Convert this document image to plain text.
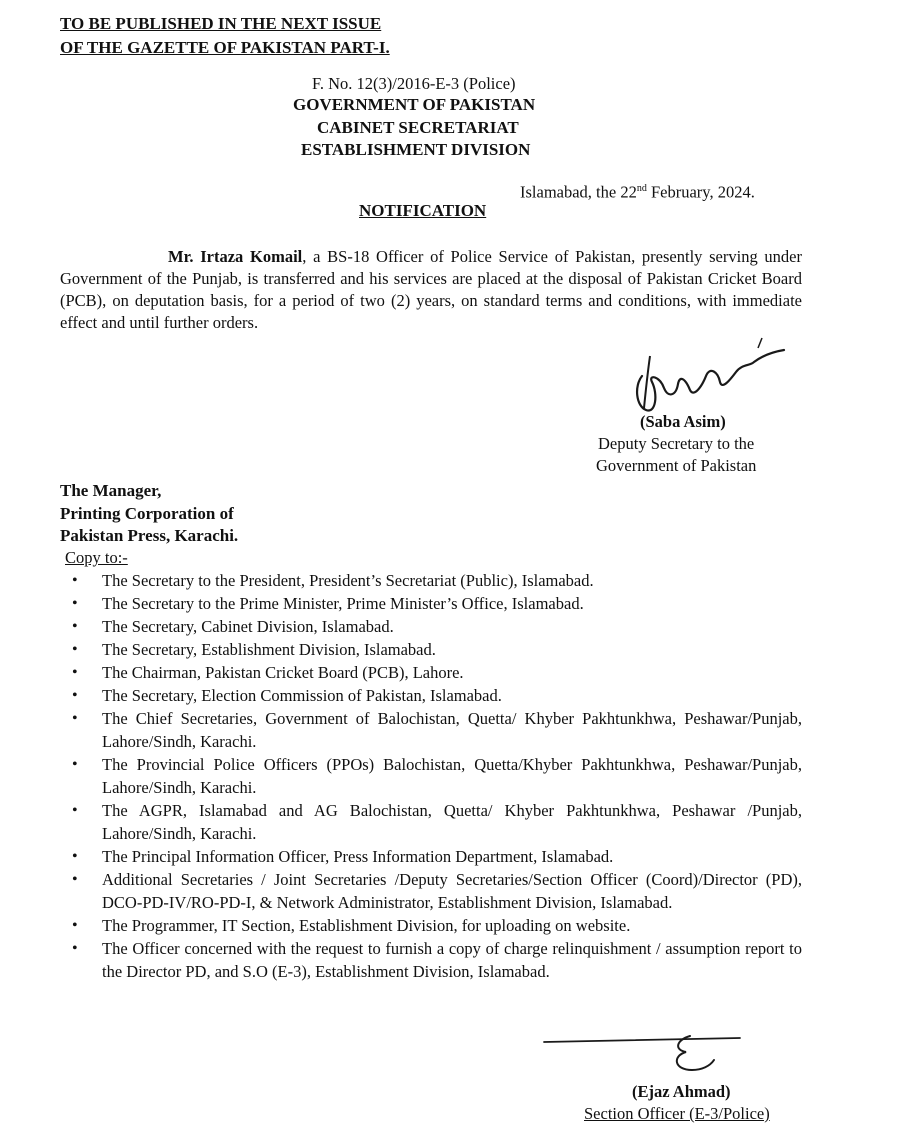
TO BE PUBLISHED IN THE NEXT ISSUE
OF THE GAZETTE OF PAKISTAN PART-I.
F. No. 12(3)/2016-E-3 (Police)
GOVERNMENT OF PAKISTAN
CABINET SECRETARIAT
ESTABLISHMENT DIVISION
Islamabad, the 22nd February, 2024.
NOTIFICATION
Mr. Irtaza Komail, a BS-18 Officer of Police Service of Pakistan, presently serving under Government of the Punjab, is transferred and his services are placed at the disposal of Pakistan Cricket Board (PCB), on deputation basis, for a period of two (2) years, on standard terms and conditions, with immediate effect and until further orders.
(Saba Asim)
Deputy Secretary to the
Government of Pakistan
The Manager,
Printing Corporation of
Pakistan Press, Karachi.
Copy to:-
• The Secretary to the President, President’s Secretariat (Public), Islamabad.
• The Secretary to the Prime Minister, Prime Minister’s Office, Islamabad.
• The Secretary, Cabinet Division, Islamabad.
• The Secretary, Establishment Division, Islamabad.
• The Chairman, Pakistan Cricket Board (PCB), Lahore.
• The Secretary, Election Commission of Pakistan, Islamabad.
• The Chief Secretaries, Government of Balochistan, Quetta/ Khyber Pakhtunkhwa, Peshawar/Punjab, Lahore/Sindh, Karachi.
• The Provincial Police Officers (PPOs) Balochistan, Quetta/Khyber Pakhtunkhwa, Peshawar/Punjab, Lahore/Sindh, Karachi.
• The AGPR, Islamabad and AG Balochistan, Quetta/ Khyber Pakhtunkhwa, Peshawar /Punjab, Lahore/Sindh, Karachi.
• The Principal Information Officer, Press Information Department, Islamabad.
• Additional Secretaries / Joint Secretaries /Deputy Secretaries/Section Officer (Coord)/Director (PD), DCO-PD-IV/RO-PD-I, & Network Administrator, Establishment Division, Islamabad.
• The Programmer, IT Section, Establishment Division, for uploading on website.
• The Officer concerned with the request to furnish a copy of charge relinquishment / assumption report to the Director PD, and S.O (E-3), Establishment Division, Islamabad.
(Ejaz Ahmad)
Section Officer (E-3/Police)
